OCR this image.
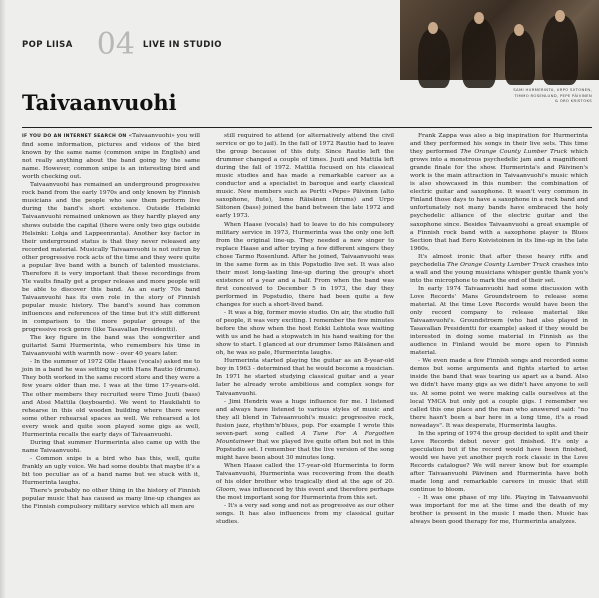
POP LIISA 04 LIVE IN STUDIO
SAMI HURMERINTA, URPO SIITONEN,
TIMMO ROSENLUND, PEPE PÄIVINEN
& ORO KRISTOKS
Taivaanvuohi

IF YOU DO AN INTERNET SEARCH ON «Taivaanvuohi» you will find some information, pictures and videos of the bird known by the same name (common snipe in English) and not really anything about the band going by the same name. However, common snipe is an interesting bird and worth checking out.

Taivaanvuohi has remained an underground progressive rock band from the early 1970s and only known by Finnish musicians and the people who saw them perform live during the band's short existence. Outside Helsinki Taivaanvuohi remained unknown as they hardly played any shows outside the capital (there were only two gigs outside Helsinki: Lohja and Lappeenranta). Another key factor in their underground status is that they never released any recorded material. Musically Taivaanvuohi is not outrun by other progressive rock acts of the time and they were quite a popular live band with a bunch of talented musicians. Therefore it is very important that these recordings from Yle vaults finally get a proper release and more people will be able to discover this band. As an early 70s band Taivaanvuohi has its own role in the story of Finnish popular music history. The band's sound has common influences and references of the time but it's still different in comparison to the more popular groups of the progressive rock genre (like Tasavallan Presidentti).

The key figure in the band was the songwriter and guitarist Sami Hurmerinta, who remembers his time in Taivaanvuohi with warmth now - over 40 years later.

- In the summer of 1972 Olle Haase (vocals) asked me to join in a band he was setting up with Hans Rautio (drums). They both worked in the same record store and they were a few years older than me. I was at the time 17-years-old. The other members they recruited were Timo Juuti (bass) and Atssi Mattila (keyboards). We went to Haukilahti to rehearse in this old wooden building where there were some other rehearsal spaces as well. We rehearsed a lot every week and quite soon played some gigs as well, Hurmerinta recalls the early days of Taivaanvuohi.

During that summer Hurmerinta also came up with the name Taivaanvuohi.

- Common snipe is a bird who has this, well, quite frankly an ugly voice. We had some doubts that maybe it's a bit too peculiar as of a band name but we stuck with it, Hurmerinta laughs.

There's probably no other thing in the history of Finnish popular music that has caused as many line-up changes as the Finnish compulsory military service which all men are

still required to attend (or alternatively attend the civil service or go to jail). In the fall of 1972 Rautio had to leave the group because of this duty. Since Rautio left the drummer changed a couple of times. Juuti and Mattila left during the fall of 1972. Mattila focused on his classical music studies and has made a remarkable career as a conductor and a specialist in baroque and early classical music. New members such as Pertti «Pepe» Päivinen (alto saxophone, flute), Ismo Räisänen (drums) and Urpo Siitonen (bass) joined the band between the late 1972 and early 1973.

When Haase (vocals) had to leave to do his compulsory military service in 1973, Hurmerinta was the only one left from the original line-up. They needed a new singer to replace Haase and after trying a few different singers they chose Tarmo Rosenlund. After he joined, Taivaanvuohi was in the same form as in this Popstudio live set. It was also their most long-lasting line-up during the group's short existence of a year and a half. From when the band was first conceived to December 5 in 1973, the day they performed in Popstudio, there had been quite a few changes for such a short-lived band.

- It was a big, former movie studio. On air, the studio full of people, it was very exciting. I remember the few minutes before the show when the host Eekki Lehtola was waiting with us and he had a stopwatch in his hand waiting for the show to start. I glanced at our drummer Ismo Räisänen and oh, he was so pale, Hurmerinta laughs.

Hurmerinta started playing the guitar as an 8-year-old boy in 1963 - determined that he would become a musician. In 1971 he started studying classical guitar and a year later he already wrote ambitious and complex songs for Taivaanvuohi.

- Jimi Hendrix was a huge influence for me. I listened and always have listened to various styles of music and they all blend in Taivaanvuohi's music: progressive rock, fusion jazz, rhythm'n'blues, pop. For example I wrote this seven-part song called A Tune For A Forgotten Mountaineer that we played live quite often but not in this Popstudio set. I remember that the live version of the song might have been about 30 minutes long.

When Haase called the 17-year-old Hurmerinta to form Taivaanvuohi, Hurmerinta was recovering from the death of his older brother who tragically died at the age of 20. Gloom, was influenced by this event and therefore perhaps the most important song for Hurmerinta from this set.

- It's a very sad song and not as progressive as our other songs. It has also influences from my classical guitar studies.

Frank Zappa was also a big inspiration for Hurmerinta and they performed his songs in their live sets. This time they performed The Orange County Lumber Truck which grows into a monstrous psychedelic jam and a magnificent grande finale for the show. Hurmerinta's and Päivinen's work is the main attraction in Taivaanvuohi's music which is also showcased in this number: the combination of electric guitar and saxophone. It wasn't very common in Finland those days to have a saxophone in a rock band and unfortunately not many bands have embraced the holy psychedelic alliance of the electric guitar and the saxophone since. Besides Taivaanvuohi a great example of a Finnish rock band with a saxophone player is Blues Section that had Eero Koivistoinen in its line-up in the late 1960s.

It's almost ironic that after these heavy riffs and psychedelia The Orange County Lumber Truck crashes into a wall and the young musicians whisper gentle thank you's into the microphone to mark the end of their set.

In early 1974 Taivaanvuohi had some discussion with Love Records' Mans Groundstroem to release some material. At the time Love Records would have been the only record company to release material like Taivaanvuohi's. Groundstroem (who had also played in Tasavallan Presidentti for example) asked if they would be interested in doing some material in Finnish as the audience in Finland would be more open to Finnish material.

- We even made a few Finnish songs and recorded some demos but some arguments and fights started to arise inside the band that was tearing us apart as a band. Also we didn't have many gigs as we didn't have anyone to sell us. At some point we were making calls ourselves at the local YMCA but only got a couple gigs. I remember we called this one place and the man who answered said: "no there hasn't been a bar here in a long time, it's a road nowadays". It was desperate, Hurmerinta laughs.

In the spring of 1974 the group decided to split and their Love Records debut never got finished. It's only a speculation but if the record would have been finished, would we have yet another psych rock classic in the Love Records catalogue? We will never know but for example after Taivaanvuohi Päivinen and Hurmerinta have both made long and remarkable careers in music that still continue to bloom.

- It was one phase of my life. Playing in Taivaanvuohi was important for me at the time and the death of my brother is present in the music I made then. Music has always been good therapy for me, Hurmerinta analyzes.
